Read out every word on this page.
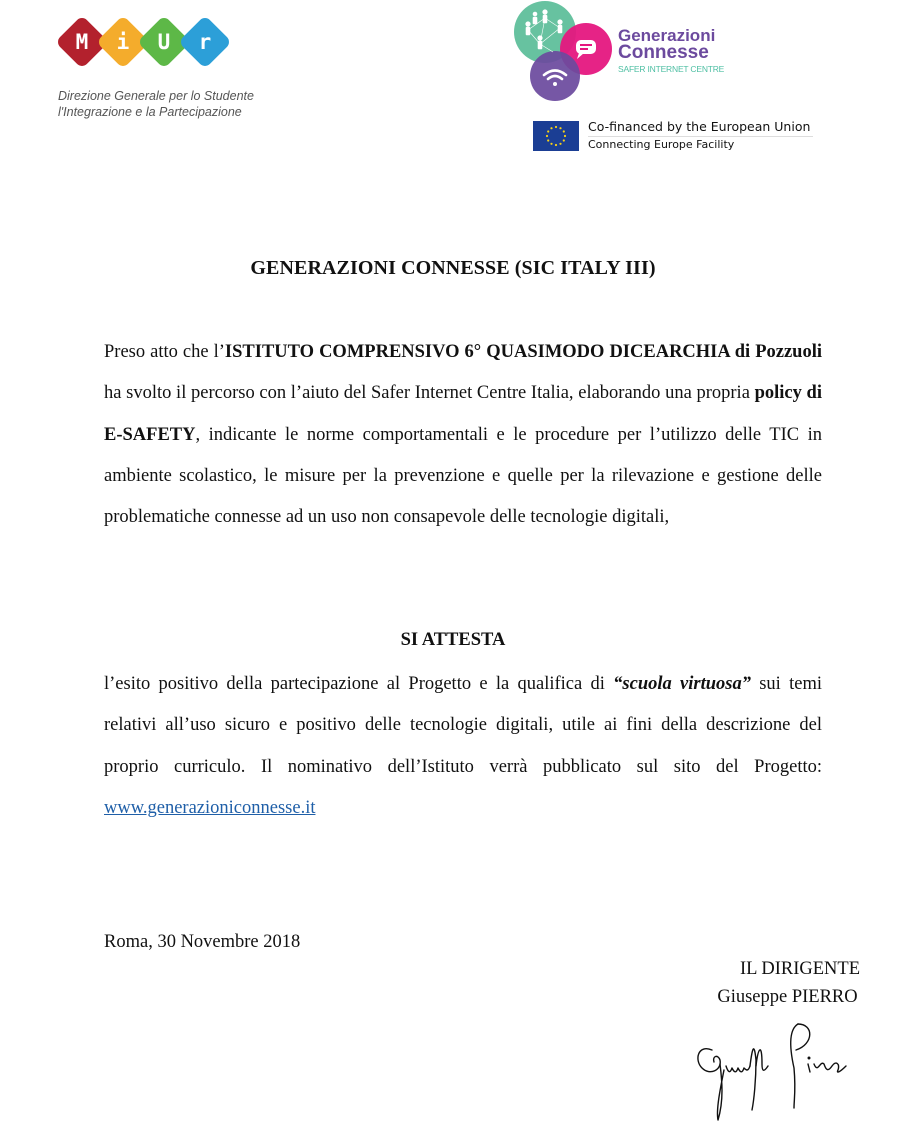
M i U r
Direzione Generale per lo Studente
l'Integrazione e la Partecipazione
Generazioni
Connesse
SAFER INTERNET CENTRE
Co-financed by the European Union
Connecting Europe Facility
GENERAZIONI CONNESSE (SIC ITALY III)
Preso atto che l’ISTITUTO COMPRENSIVO 6° QUASIMODO DICEARCHIA di Pozzuoli ha svolto il percorso con l’aiuto del Safer Internet Centre Italia, elaborando una propria policy di E-SAFETY, indicante le norme comportamentali e le procedure per l’utilizzo delle TIC in ambiente scolastico, le misure per la prevenzione e quelle per la rilevazione e gestione delle problematiche connesse ad un uso non consapevole delle tecnologie digitali,
SI ATTESTA
l’esito positivo della partecipazione al Progetto e la qualifica di “scuola virtuosa” sui temi relativi all’uso sicuro e positivo delle tecnologie digitali, utile ai fini della descrizione del proprio curriculo. Il nominativo dell’Istituto verrà pubblicato sul sito del Progetto: www.generazioniconnesse.it
Roma, 30 Novembre 2018
IL DIRIGENTE
Giuseppe PIERRO
